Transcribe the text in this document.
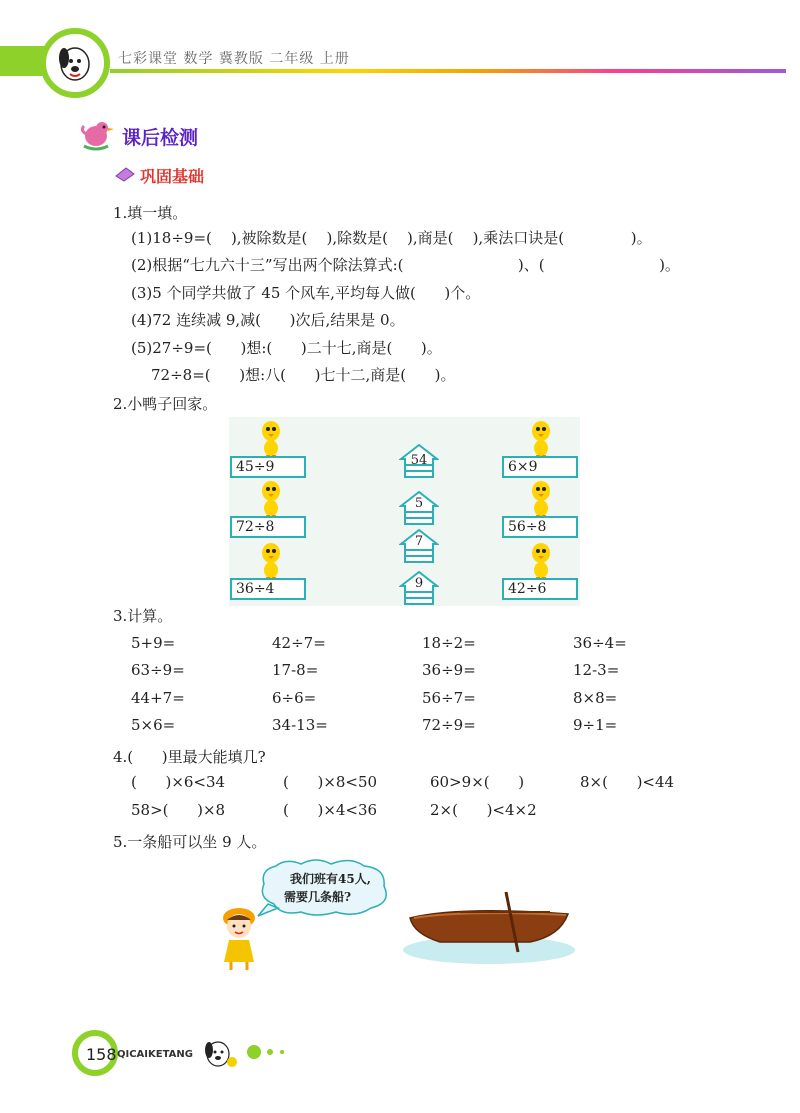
七彩课堂 数学 冀教版 二年级 上册
课后检测
巩固基础
1.填一填。
(1)18÷9=(    ),被除数是(    ),除数是(    ),商是(    ),乘法口诀是(              )。
(2)根据“七九六十三”写出两个除法算式:(                        )、(                        )。
(3)5 个同学共做了 45 个风车,平均每人做(      )个。
(4)72 连续减 9,减(      )次后,结果是 0。
(5)27÷9=(      )想:(      )二十七,商是(      )。
72÷8=(      )想:八(      )七十二,商是(      )。
2.小鸭子回家。
45÷9
72÷8
36÷4
6×9
56÷8
42÷6
54
5
7
9
3.计算。
5+9=	42÷7=	18÷2=	36÷4=
63÷9=	17-8=	36÷9=	12-3=
44+7=	6÷6=	56÷7=	8×8=
5×6=	34-13=	72÷9=	9÷1=
4.(      )里最大能填几?
(      )×6<34	(      )×8<50	60>9×(      )	8×(      )<44
58>(      )×8	(      )×4<36	2×(      )<4×2
5.一条船可以坐 9 人。
我们班有45人,
需要几条船?
158 QICAIKETANG
